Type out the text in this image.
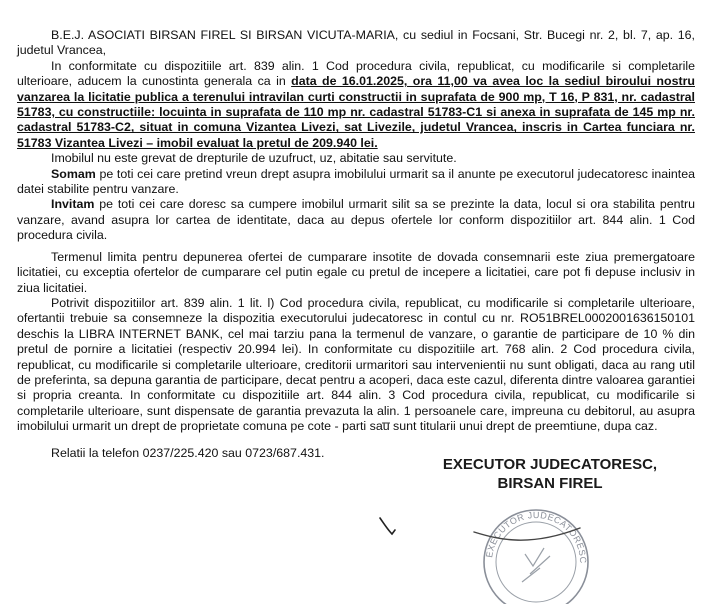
B.E.J. ASOCIATI BIRSAN FIREL SI BIRSAN VICUTA-MARIA, cu sediul in Focsani, Str. Bucegi nr. 2, bl. 7, ap. 16, judetul Vrancea,

In conformitate cu dispozitiile art. 839 alin. 1 Cod procedura civila, republicat, cu modificarile si completarile ulterioare, aducem la cunostinta generala ca in data de 16.01.2025, ora 11,00 va avea loc la sediul biroului nostru vanzarea la licitatie publica a terenului intravilan curti constructii in suprafata de 900 mp, T 16, P 831, nr. cadastral 51783, cu constructiile: locuinta in suprafata de 110 mp nr. cadastral 51783-C1 si anexa in suprafata de 145 mp nr. cadastral 51783-C2, situat in comuna Vizantea Livezi, sat Livezile, judetul Vrancea, inscris in Cartea funciara nr. 51783 Vizantea Livezi – imobil evaluat la pretul de 209.940 lei.

Imobilul nu este grevat de drepturile de uzufruct, uz, abitatie sau servitute.

Somam pe toti cei care pretind vreun drept asupra imobilului urmarit sa il anunte pe executorul judecatoresc inaintea datei stabilite pentru vanzare.

Invitam pe toti cei care doresc sa cumpere imobilul urmarit silit sa se prezinte la data, locul si ora stabilita pentru vanzare, avand asupra lor cartea de identitate, daca au depus ofertele lor conform dispozitiilor art. 844 alin. 1 Cod procedura civila.

Termenul limita pentru depunerea ofertei de cumparare insotite de dovada consemnarii este ziua premergatoare licitatiei, cu exceptia ofertelor de cumparare cel putin egale cu pretul de incepere a licitatiei, care pot fi depuse inclusiv in ziua licitatiei.

Potrivit dispozitiilor art. 839 alin. 1 lit. l) Cod procedura civila, republicat, cu modificarile si completarile ulterioare, ofertantii trebuie sa consemneze la dispozitia executorului judecatoresc in contul cu nr. RO51BREL0002001636150101 deschis la LIBRA INTERNET BANK, cel mai tarziu pana la termenul de vanzare, o garantie de participare de 10 % din pretul de pornire a licitatiei (respectiv 20.994 lei). In conformitate cu dispozitiile art. 768 alin. 2 Cod procedura civila, republicat, cu modificarile si completarile ulterioare, creditorii urmaritori sau intervenientii nu sunt obligati, daca au rang util de preferinta, sa depuna garantia de participare, decat pentru a acoperi, daca este cazul, diferenta dintre valoarea garantiei si propria creanta. In conformitate cu dispozitiile art. 844 alin. 3 Cod procedura civila, republicat, cu modificarile si completarile ulterioare, sunt dispensate de garantia prevazuta la alin. 1 persoanele care, impreuna cu debitorul, au asupra imobilului urmarit un drept de proprietate comuna pe cote - parti sau sunt titularii unui drept de preemtiune, dupa caz.

Relatii la telefon 0237/225.420 sau 0723/687.431.

EXECUTOR JUDECATORESC,
BIRSAN FIREL
EXECUTOR JUDECATORESC
